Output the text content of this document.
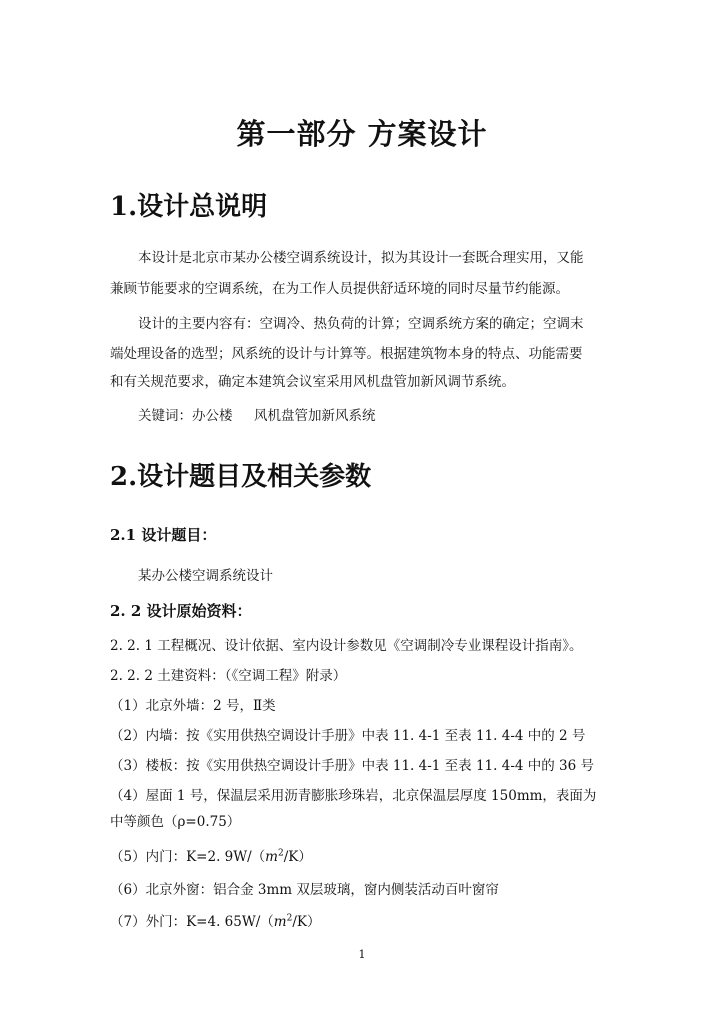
第一部分 方案设计
1.设计总说明
本设计是北京市某办公楼空调系统设计，拟为其设计一套既合理实用，又能
兼顾节能要求的空调系统，在为工作人员提供舒适环境的同时尽量节约能源。
设计的主要内容有：空调冷、热负荷的计算；空调系统方案的确定；空调末
端处理设备的选型；风系统的设计与计算等。根据建筑物本身的特点、功能需要
和有关规范要求，确定本建筑会议室采用风机盘管加新风调节系统。
关键词：办公楼     风机盘管加新风系统
2.设计题目及相关参数
2.1 设计题目：
某办公楼空调系统设计
2. 2 设计原始资料：
2. 2. 1 工程概况、设计依据、室内设计参数见《空调制冷专业课程设计指南》。
2. 2. 2 土建资料：（《空调工程》附录）
（1）北京外墙：2 号，Ⅱ类
（2）内墙：按《实用供热空调设计手册》中表 11. 4-1 至表 11. 4-4 中的 2 号
（3）楼板：按《实用供热空调设计手册》中表 11. 4-1 至表 11. 4-4 中的 36 号
（4）屋面 1 号，保温层采用沥青膨胀珍珠岩，北京保温层厚度 150mm，表面为
中等颜色（ρ=0.75）
（5）内门：K=2. $9W/(m^2/K)$
（6）北京外窗：铝合金 3mm 双层玻璃，窗内侧装活动百叶窗帘
（7）外门：K=4. $65W/(m^2/K)$
1
